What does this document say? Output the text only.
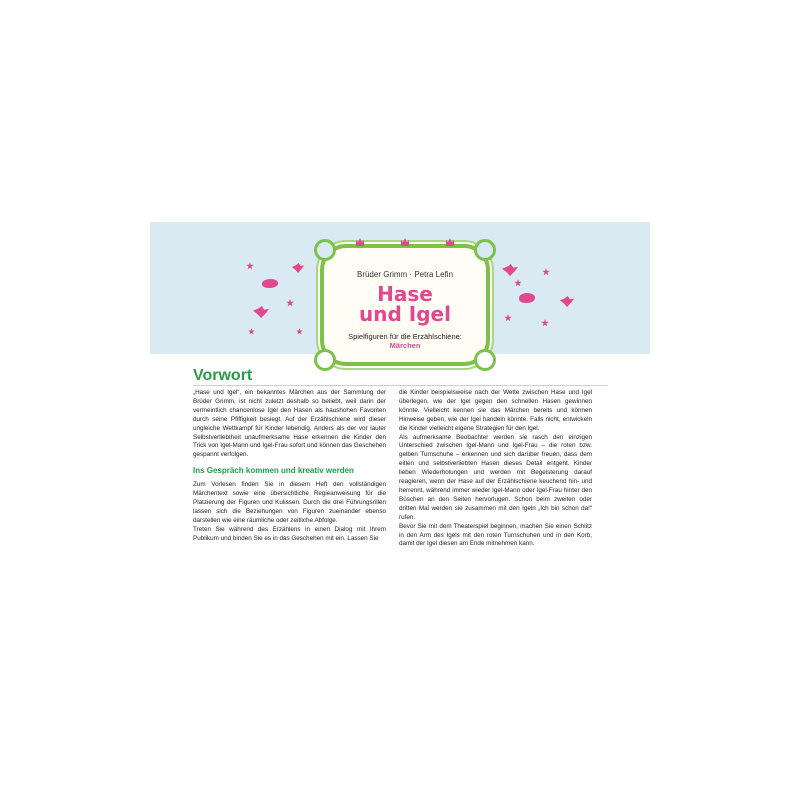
Brüder Grimm · Petra Lefin
Hase
und Igel
Spielfiguren für die Erzählschiene:
Märchen
Vorwort

„Hase und Igel“, ein bekanntes Märchen aus der Sammlung der Brüder Grimm, ist nicht zuletzt deshalb so beliebt, weil darin der vermeintlich chancenlose Igel den Hasen als haushohen Favoriten durch seine Pfiffigkeit besiegt. Auf der Erzählschiene wird dieser ungleiche Wettkampf für Kinder lebendig. Anders als der vor lauter Selbstverliebtheit unaufmerksame Hase erkennen die Kinder den Trick von Igel-Mann und Igel-Frau sofort und können das Geschehen gespannt verfolgen.

Ins Gespräch kommen und kreativ werden

Zum Vorlesen finden Sie in diesem Heft den vollständigen Märchentext sowie eine übersichtliche Regieanweisung für die Platzierung der Figuren und Kulissen. Durch die drei Führungsrillen lassen sich die Beziehungen von Figuren zueinander ebenso darstellen wie eine räumliche oder zeitliche Abfolge.

Treten Sie während des Erzählens in einen Dialog mit Ihrem Publikum und binden Sie es in das Geschehen mit ein. Lassen Sie

die Kinder beispielsweise nach der Wette zwischen Hase und Igel überlegen, wie der Igel gegen den schnellen Hasen gewinnen könnte. Vielleicht kennen sie das Märchen bereits und können Hinweise geben, wie der Igel handeln könnte. Falls nicht, entwickeln die Kinder vielleicht eigene Strategien für den Igel.

Als aufmerksame Beobachter werden sie rasch den einzigen Unterschied zwischen Igel-Mann und Igel-Frau – die roten bzw. gelben Turnschuhe – erkennen und sich darüber freuen, dass dem eitlen und selbstverliebten Hasen dieses Detail entgeht. Kinder lieben Wiederholungen und werden mit Begeisterung darauf reagieren, wenn der Hase auf der Erzählschiene keuchend hin- und herrennt, während immer wieder Igel-Mann oder Igel-Frau hinter den Büschen an den Seiten hervorlugen. Schon beim zweiten oder dritten Mal werden sie zusammen mit den Igeln „Ich bin schon da!“ rufen.

Bevor Sie mit dem Theaterspiel beginnen, machen Sie einen Schlitz in den Arm des Igels mit den roten Turnschuhen und in den Korb, damit der Igel diesen am Ende mitnehmen kann.
